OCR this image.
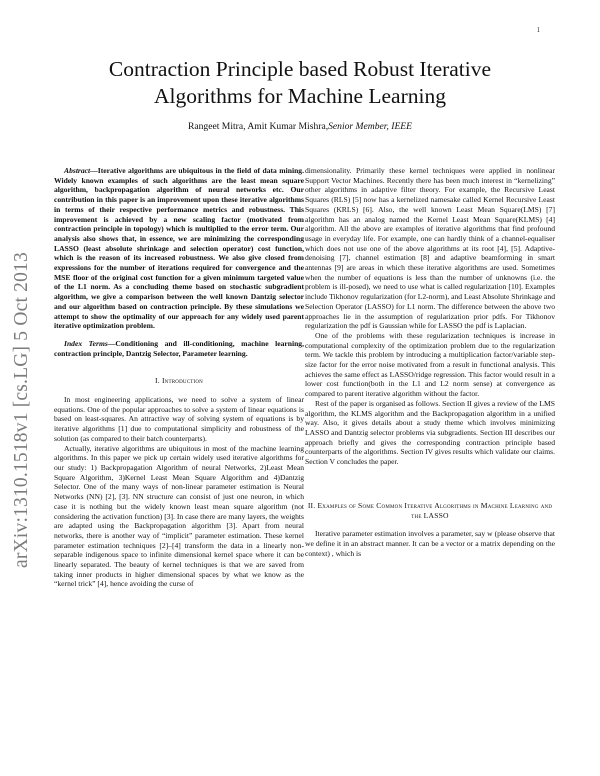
1
arXiv:1310.1518v1 [cs.LG] 5 Oct 2013
Contraction Principle based Robust Iterative Algorithms for Machine Learning
Rangeet Mitra, Amit Kumar Mishra,Senior Member, IEEE

Abstract—Iterative algorithms are ubiquitous in the field of data mining. Widely known examples of such algorithms are the least mean square algorithm, backpropagation algorithm of neural networks etc. Our contribution in this paper is an improvement upon these iterative algorithms in terms of their respective performance metrics and robustness. This improvement is achieved by a new scaling factor (motivated from contraction principle in topology) which is multiplied to the error term. Our analysis also shows that, in essence, we are minimizing the corresponding LASSO (least absolute shrinkage and selection operator) cost function, which is the reason of its increased robustness. We also give closed from expressions for the number of iterations required for convergence and the MSE floor of the original cost function for a given minimum targeted value of the L1 norm. As a concluding theme based on stochastic subgradient algorithm, we give a comparison between the well known Dantzig selector and our algorithm based on contraction principle. By these simulations we attempt to show the optimality of our approach for any widely used parent iterative optimization problem.

Index Terms—Conditioning and ill-conditioning, machine learning, contraction principle, Dantzig Selector, Parameter learning.

I. Introduction

In most engineering applications, we need to solve a system of linear equations. One of the popular approaches to solve a system of linear equations is based on least-squares. An attractive way of solving system of equations is by iterative algorithms [1] due to computational simplicity and robustness of the solution (as compared to their batch counterparts).

Actually, iterative algorithms are ubiquitous in most of the machine learning algorithms. In this paper we pick up certain widely used iterative algorithms for our study: 1) Backpropagation Algorithm of neural Networks, 2)Least Mean Square Algorithm, 3)Kernel Least Mean Square Algorithm and 4)Dantzig Selector. One of the many ways of non-linear parameter estimation is Neural Networks (NN) [2], [3]. NN structure can consist of just one neuron, in which case it is nothing but the widely known least mean square algorithm (not considering the activation function) [3]. In case there are many layers, the weights are adapted using the Backpropagation algorithm [3]. Apart from neural networks, there is another way of “implicit” parameter estimation. These kernel parameter estimation techniques [2]–[4] transform the data in a linearly non-separable indigenous space to infinite dimensional kernel space where it can be linearly separated. The beauty of kernel techniques is that we are saved from taking inner products in higher dimensional spaces by what we know as the “kernel trick” [4], hence avoiding the curse of

dimensionality. Primarily these kernel techniques were applied in nonlinear Support Vector Machines. Recently there has been much interest in “kernelizing” other algorithms in adaptive filter theory. For example, the Recursive Least Squares (RLS) [5] now has a kernelized namesake called Kernel Recursive Least Squares (KRLS) [6]. Also, the well known Least Mean Square(LMS) [7] algorithm has an analog named the Kernel Least Mean Square(KLMS) [4] algorithm. All the above are examples of iterative algorithms that find profound usage in everyday life. For example, one can hardly think of a channel-equaliser which does not use one of the above algorithms at its root [4], [5]. Adaptive-denoising [7], channel estimation [8] and adaptive beamforming in smart antennas [9] are areas in which these iterative algorithms are used. Sometimes when the number of equations is less than the number of unknowns (i.e. the problem is ill-posed), we need to use what is called regularization [10]. Examples include Tikhonov regularization (for L2-norm), and Least Absolute Shrinkage and Selection Operator (LASSO) for L1 norm. The difference between the above two approaches lie in the assumption of regularization prior pdfs. For Tikhonov regularization the pdf is Gaussian while for LASSO the pdf is Laplacian.

One of the problems with these regularization techniques is increase in computational complexity of the optimization problem due to the regularization term. We tackle this problem by introducing a multiplication factor/variable step-size factor for the error noise motivated from a result in functional analysis. This achieves the same effect as LASSO/ridge regression. This factor would result in a lower cost function(both in the L1 and L2 norm sense) at convergence as compared to parent iterative algorithm without the factor.

Rest of the paper is organised as follows. Section II gives a review of the LMS algorithm, the KLMS algorithm and the Backpropagation algorithm in a unified way. Also, it gives details about a study theme which involves minimizing LASSO and Dantzig selector problems via subgradients. Section III describes our approach briefly and gives the corresponding contraction principle based counterparts of the algorithms. Section IV gives results which validate our claims. Section V concludes the paper.

II. Examples of Some Common Iterative Algorithms in Machine Learning and the LASSO

Iterative parameter estimation involves a parameter, say w (please observe that we define it in an abstract manner. It can be a vector or a matrix depending on the context) , which is
